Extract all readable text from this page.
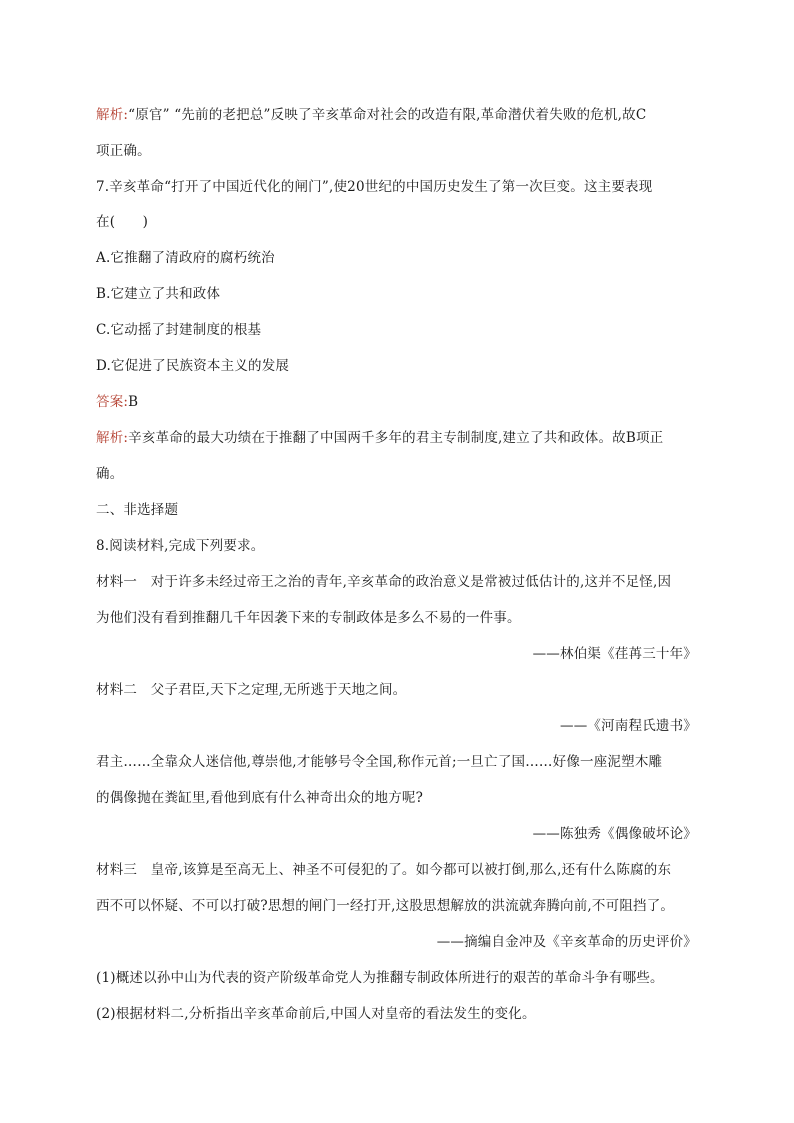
解析:“原官” “先前的老把总”反映了辛亥革命对社会的改造有限,革命潜伏着失败的危机,故C
项正确。
7.辛亥革命“打开了中国近代化的闸门”,使20世纪的中国历史发生了第一次巨变。这主要表现
在(　　)
A.它推翻了清政府的腐朽统治
B.它建立了共和政体
C.它动摇了封建制度的根基
D.它促进了民族资本主义的发展
答案:B
解析:辛亥革命的最大功绩在于推翻了中国两千多年的君主专制制度,建立了共和政体。故B项正
确。
二、非选择题
8.阅读材料,完成下列要求。
材料一　对于许多未经过帝王之治的青年,辛亥革命的政治意义是常被过低估计的,这并不足怪,因
为他们没有看到推翻几千年因袭下来的专制政体是多么不易的一件事。
——林伯渠《荏苒三十年》
材料二　父子君臣,天下之定理,无所逃于天地之间。
——《河南程氏遗书》
君主……全靠众人迷信他,尊崇他,才能够号令全国,称作元首;一旦亡了国……好像一座泥塑木雕
的偶像抛在粪缸里,看他到底有什么神奇出众的地方呢?
——陈独秀《偶像破坏论》
材料三　皇帝,该算是至高无上、神圣不可侵犯的了。如今都可以被打倒,那么,还有什么陈腐的东
西不可以怀疑、不可以打破?思想的闸门一经打开,这股思想解放的洪流就奔腾向前,不可阻挡了。
——摘编自金冲及《辛亥革命的历史评价》
(1)概述以孙中山为代表的资产阶级革命党人为推翻专制政体所进行的艰苦的革命斗争有哪些。
(2)根据材料二,分析指出辛亥革命前后,中国人对皇帝的看法发生的变化。
